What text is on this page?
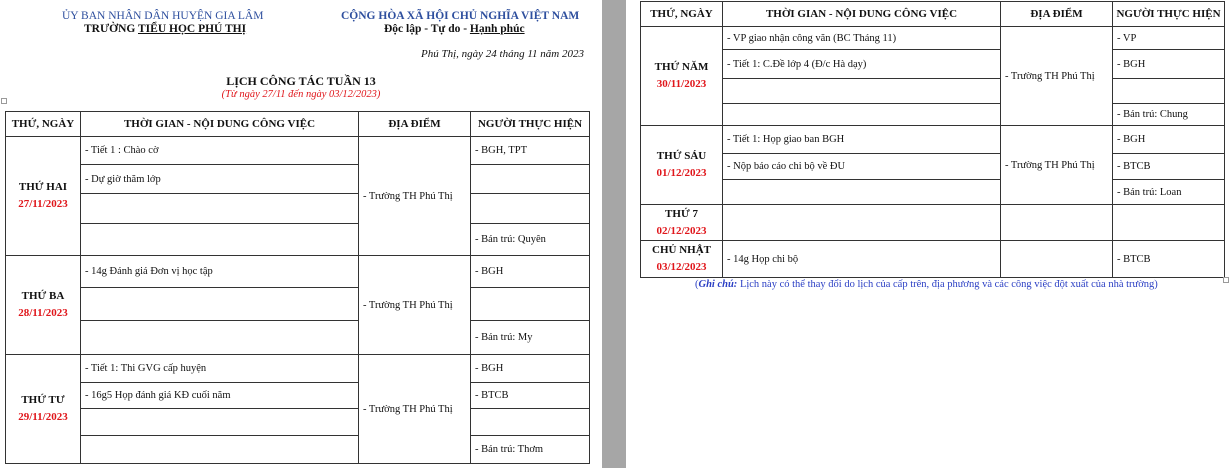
ỦY BAN NHÂN DÂN HUYỆN GIA LÂM
TRƯỜNG TIỂU HỌC PHÚ THỊ
CỘNG HÒA XÃ HỘI CHỦ NGHĨA VIỆT NAM
Độc lập - Tự do - Hạnh phúc
Phú Thị, ngày 24 tháng 11 năm 2023
LỊCH CÔNG TÁC TUẦN 13
(Từ ngày 27/11 đến ngày 03/12/2023)
THỨ, NGÀY	THỜI GIAN - NỘI DUNG CÔNG VIỆC	ĐỊA ĐIỂM	NGƯỜI THỰC HIỆN
THỨ HAI
27/11/2023	- Tiết 1 : Chào cờ	- Trường TH Phú Thị	- BGH, TPT
	- Dự giờ thăm lớp		

			- Bán trú: Quyên
THỨ BA
28/11/2023	- 14g Đánh giá Đơn vị học tập	- Trường TH Phú Thị	- BGH

			- Bán trú: My
THỨ TƯ
29/11/2023	- Tiết 1: Thi GVG cấp huyện	- Trường TH Phú Thị	- BGH
	- 16g5 Họp đánh giá KĐ cuối năm		- BTCB

			- Bán trú: Thơm
THỨ, NGÀY	THỜI GIAN - NỘI DUNG CÔNG VIỆC	ĐỊA ĐIỂM	NGƯỜI THỰC HIỆN
THỨ NĂM
30/11/2023	- VP giao nhận công văn (BC Tháng 11)	- Trường TH Phú Thị	- VP
	- Tiết 1: C.Đề lớp 4 (Đ/c Hà dạy)		- BGH

			- Bán trú: Chung
THỨ SÁU
01/12/2023	- Tiết 1: Họp giao ban BGH	- Trường TH Phú Thị	- BGH
	- Nộp báo cáo chi bộ về ĐU		- BTCB
			- Bán trú: Loan
THỨ 7
02/12/2023			

CHỦ NHẬT
03/12/2023	- 14g Họp chi bộ		- BTCB
(Ghi chú: Lịch này có thể thay đổi do lịch của cấp trên, địa phương và các công việc đột xuất của nhà trường)
